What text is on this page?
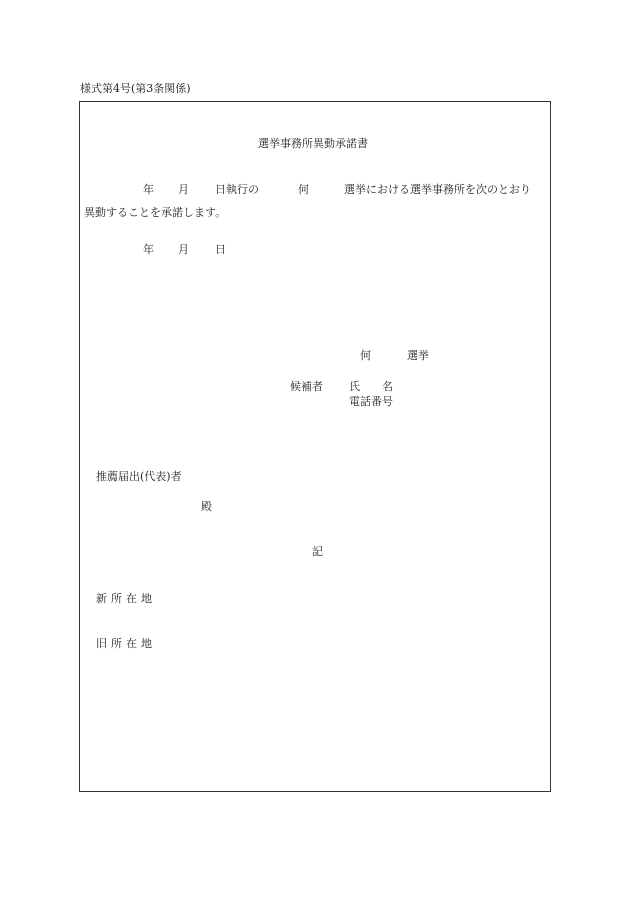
様式第4号(第3条関係)
選挙事務所異動承諾書
年 月 日執行の	何	選挙における選挙事務所を次のとおり
異動することを承諾します。
年 月 日
何	選挙
候補者 氏　　名
電話番号
推薦届出(代表)者
殿
記
新所在地
旧所在地
